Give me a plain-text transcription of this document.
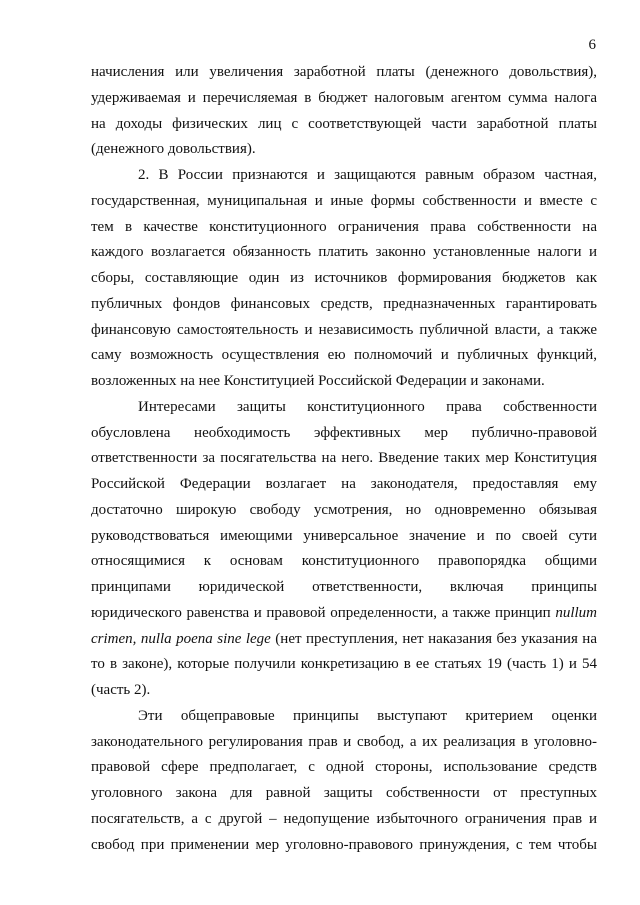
6
начисления или увеличения заработной платы (денежного довольствия),
удерживаемая и перечисляемая в бюджет налоговым агентом сумма налога
на доходы физических лиц с соответствующей части заработной платы
(денежного довольствия).
2. В России признаются и защищаются равным образом частная,
государственная, муниципальная и иные формы собственности и вместе с
тем в качестве конституционного ограничения права собственности на
каждого возлагается обязанность платить законно установленные налоги и
сборы, составляющие один из источников формирования бюджетов как
публичных фондов финансовых средств, предназначенных гарантировать
финансовую самостоятельность и независимость публичной власти, а также
саму возможность осуществления ею полномочий и публичных функций,
возложенных на нее Конституцией Российской Федерации и законами.
Интересами защиты конституционного права собственности
обусловлена необходимость эффективных мер публично-правовой
ответственности за посягательства на него. Введение таких мер Конституция
Российской Федерации возлагает на законодателя, предоставляя ему
достаточно широкую свободу усмотрения, но одновременно обязывая
руководствоваться имеющими универсальное значение и по своей сути
относящимися к основам конституционного правопорядка общими
принципами юридической ответственности, включая принципы
юридического равенства и правовой определенности, а также принцип nullum
crimen, nulla poena sine lege (нет преступления, нет наказания без указания на
то в законе), которые получили конкретизацию в ее статьях 19 (часть 1) и 54
(часть 2).
Эти общеправовые принципы выступают критерием оценки
законодательного регулирования прав и свобод, а их реализация в уголовно-
правовой сфере предполагает, с одной стороны, использование средств
уголовного закона для равной защиты собственности от преступных
посягательств, а с другой – недопущение избыточного ограничения прав и
свобод при применении мер уголовно-правового принуждения, с тем чтобы
